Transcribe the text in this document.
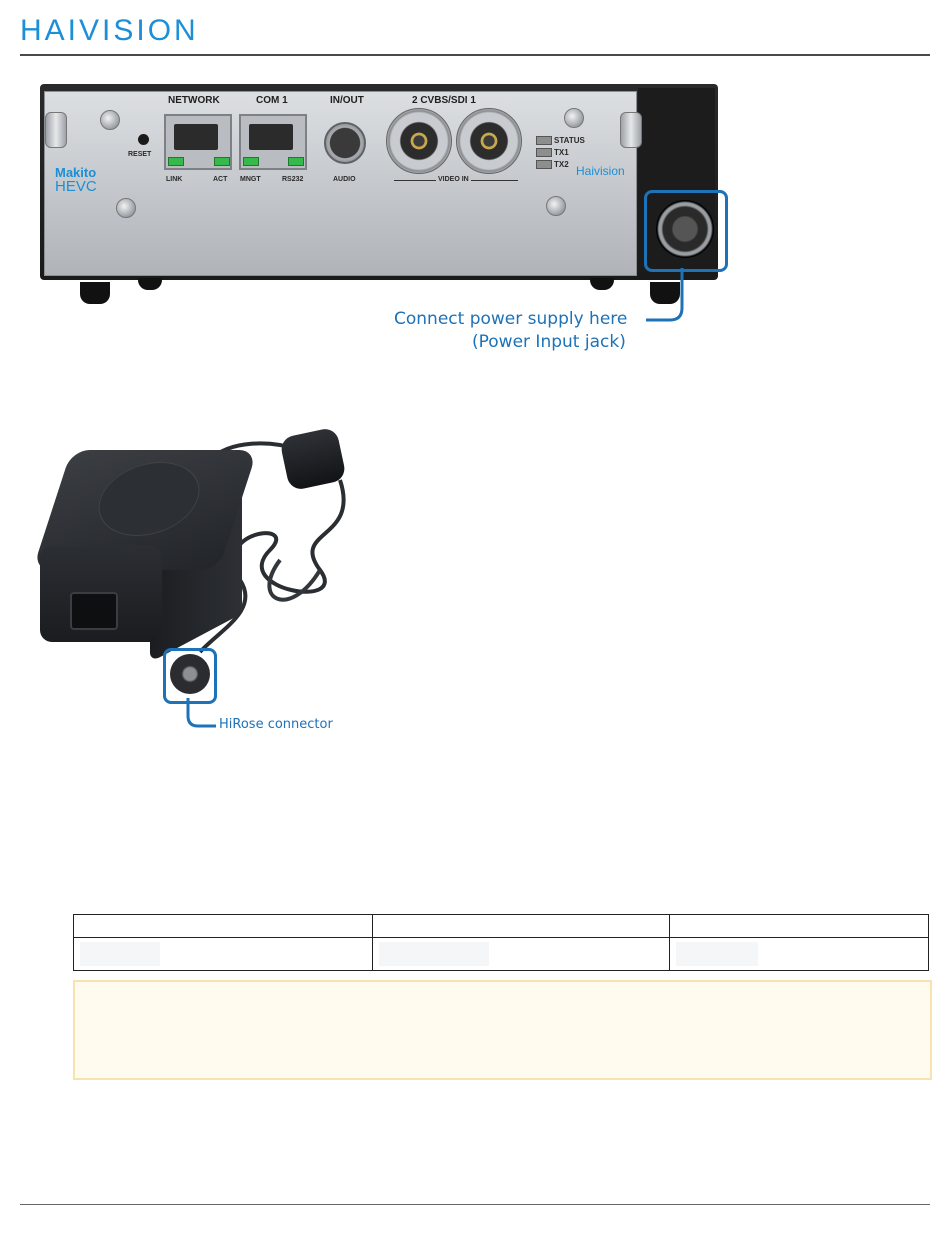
HAIVISION
RESET
NETWORK	COM 1	IN/OUT	2 CVBS/SDI 1
LINK	ACT MNGT	RS232	AUDIO	VIDEO IN
STATUS
TX1
TX2
Makito
HEVC
Haivision
Connect power supply here
(Power Input jack)
HiRose connector
